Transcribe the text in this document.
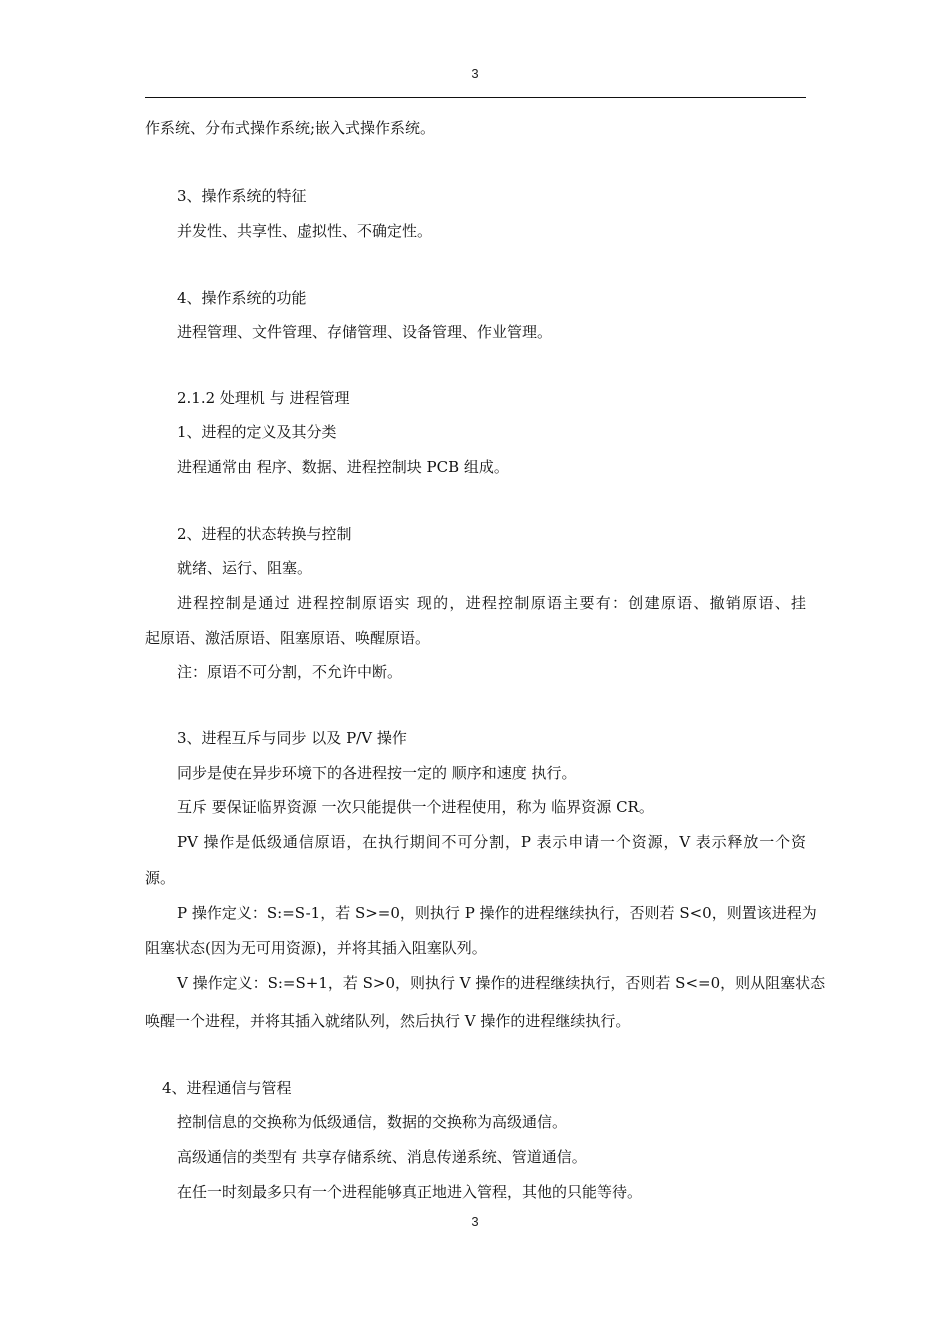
3
作系统、分布式操作系统;嵌入式操作系统。
3、操作系统的特征
并发性、共享性、虚拟性、不确定性。
4、操作系统的功能
进程管理、文件管理、存储管理、设备管理、作业管理。
2.1.2 处理机 与 进程管理
1、进程的定义及其分类
进程通常由 程序、数据、进程控制块 PCB 组成。
2、进程的状态转换与控制
就绪、运行、阻塞。
进程控制是通过 进程控制原语实 现的，进程控制原语主要有：创建原语、撤销原语、挂
起原语、激活原语、阻塞原语、唤醒原语。
注：原语不可分割，不允许中断。
3、进程互斥与同步 以及 P/V 操作
同步是使在异步环境下的各进程按一定的 顺序和速度 执行。
互斥 要保证临界资源 一次只能提供一个进程使用，称为 临界资源 CR。
PV 操作是低级通信原语，在执行期间不可分割，P 表示申请一个资源，V 表示释放一个资
源。
P 操作定义：S:=S-1，若 S>=0，则执行 P 操作的进程继续执行，否则若 S<0，则置该进程为
阻塞状态(因为无可用资源)，并将其插入阻塞队列。
V 操作定义：S:=S+1，若 S>0，则执行 V 操作的进程继续执行，否则若 S<=0，则从阻塞状态
唤醒一个进程，并将其插入就绪队列，然后执行 V 操作的进程继续执行。
4、进程通信与管程
控制信息的交换称为低级通信，数据的交换称为高级通信。
高级通信的类型有 共享存储系统、消息传递系统、管道通信。
在任一时刻最多只有一个进程能够真正地进入管程，其他的只能等待。
3
